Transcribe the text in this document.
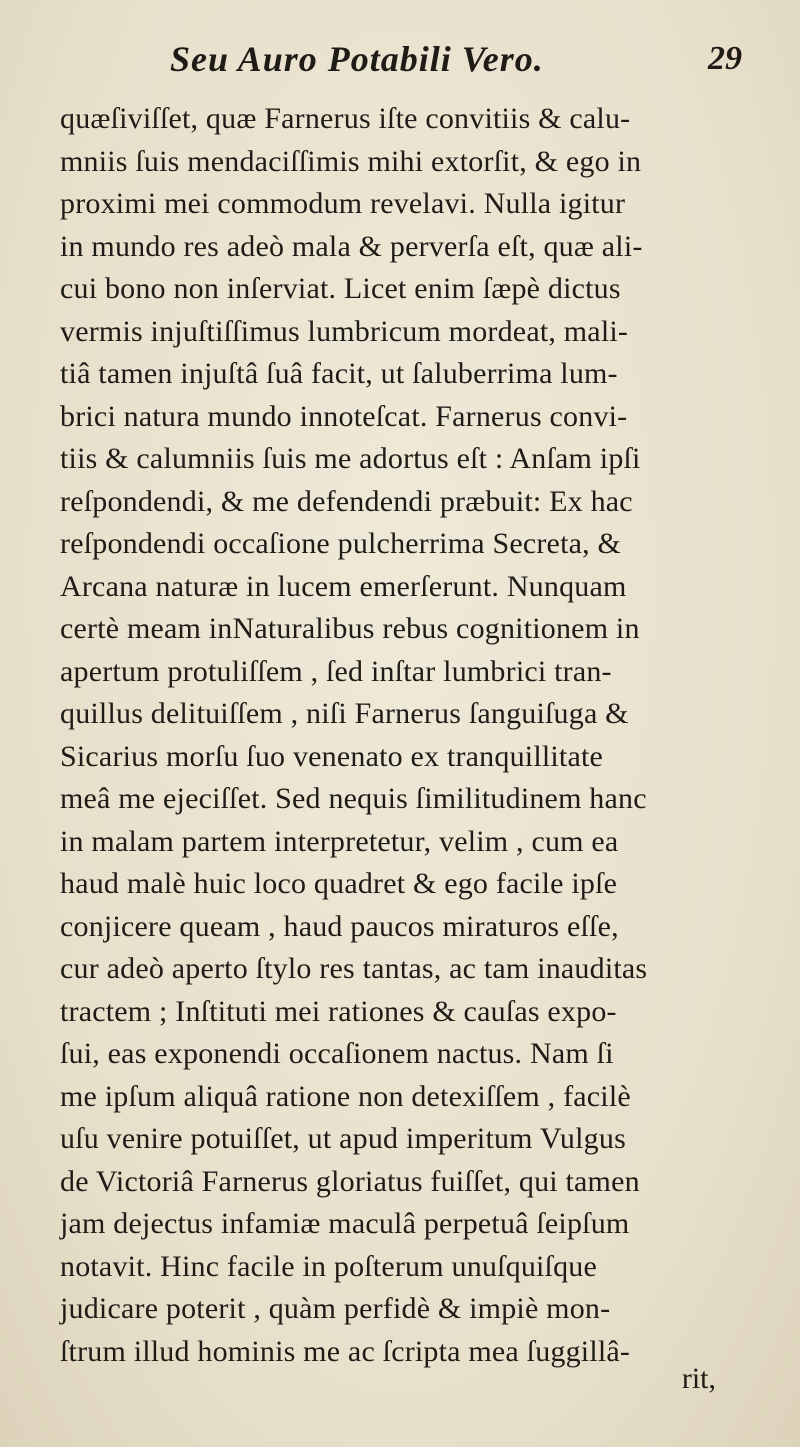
Seu Auro Potabili Vero.	29
quæſiviſſet, quæ Farnerus iſte convitiis & calu-
mniis ſuis mendaciſſimis mihi extorſit, & ego in
proximi mei commodum revelavi. Nulla igitur
in mundo res adeò mala & perverſa eſt, quæ ali-
cui bono non inſerviat. Licet enim ſæpè dictus
vermis injuſtiſſimus lumbricum mordeat, mali-
tiâ tamen injuſtâ ſuâ facit, ut ſaluberrima lum-
brici natura mundo innoteſcat. Farnerus convi-
tiis & calumniis ſuis me adortus eſt : Anſam ipſi
reſpondendi, & me defendendi præbuit: Ex hac
reſpondendi occaſione pulcherrima Secreta, &
Arcana naturæ in lucem emerſerunt. Nunquam
certè meam inNaturalibus rebus cognitionem in
apertum protuliſſem , ſed inſtar lumbrici tran-
quillus delituiſſem , niſi Farnerus ſanguiſuga &
Sicarius morſu ſuo venenato ex tranquillitate
meâ me ejeciſſet. Sed nequis ſimilitudinem hanc
in malam partem interpretetur, velim , cum ea
haud malè huic loco quadret & ego facile ipſe
conjicere queam , haud paucos miraturos eſſe,
cur adeò aperto ſtylo res tantas, ac tam inauditas
tractem ; Inſtituti mei rationes & cauſas expo-
ſui, eas exponendi occaſionem nactus. Nam ſi
me ipſum aliquâ ratione non detexiſſem , facilè
uſu venire potuiſſet, ut apud imperitum Vulgus
de Victoriâ Farnerus gloriatus fuiſſet, qui tamen
jam dejectus infamiæ maculâ perpetuâ ſeipſum
notavit. Hinc facile in poſterum unuſquiſque
judicare poterit , quàm perfidè & impiè mon-
ſtrum illud hominis me ac ſcripta mea ſuggillâ-
rit,
